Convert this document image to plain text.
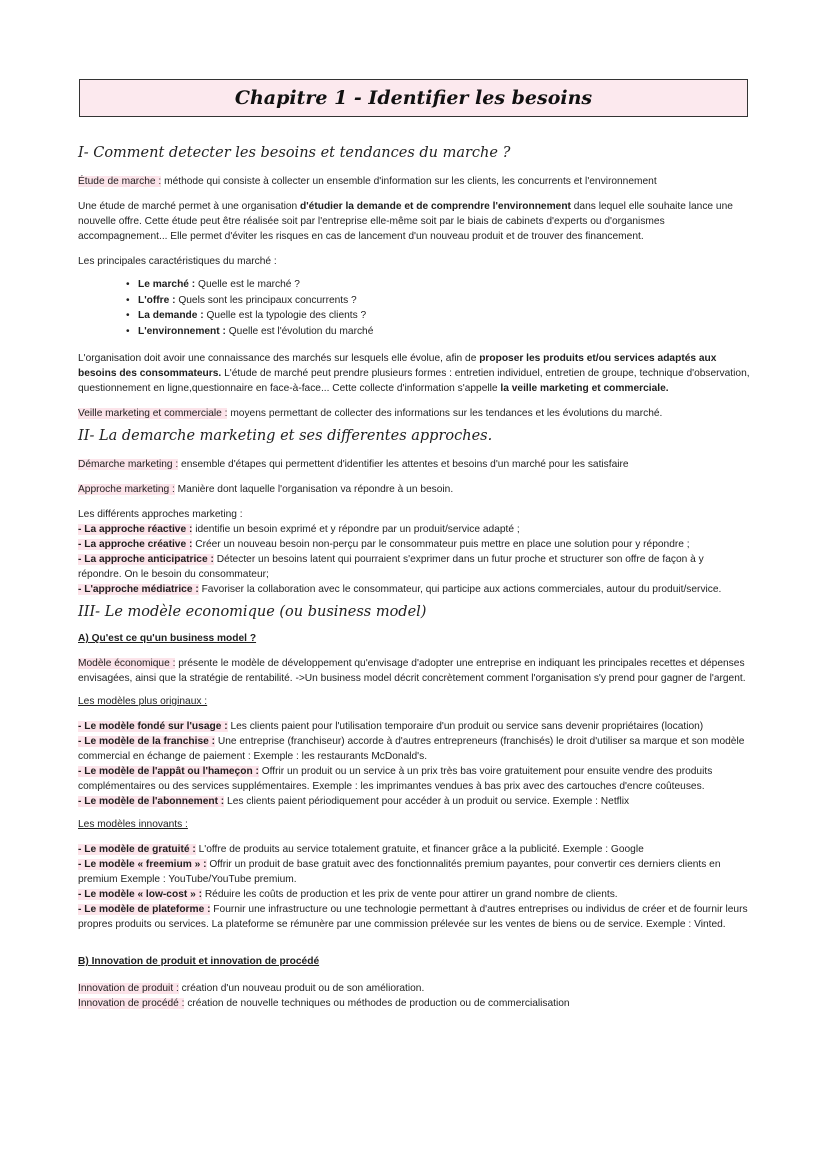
Chapitre 1 - Identifier les besoins
I- Comment detecter les besoins et tendances du marche ?

Étude de marche : méthode qui consiste à collecter un ensemble d'information sur les clients, les concurrents et l'environnement

Une étude de marché permet à une organisation d'étudier la demande et de comprendre l'environnement dans lequel elle souhaite lance une nouvelle offre. Cette étude peut être réalisée soit par l'entreprise elle-même soit par le biais de cabinets d'experts ou d'organismes accompagnement... Elle permet d'éviter les risques en cas de lancement d'un nouveau produit et de trouver des financement.

Les principales caractéristiques du marché :

• Le marché : Quelle est le marché ?
• L'offre : Quels sont les principaux concurrents ?
• La demande : Quelle est la typologie des clients ?
• L'environnement : Quelle est l'évolution du marché

L'organisation doit avoir une connaissance des marchés sur lesquels elle évolue, afin de proposer les produits et/ou services adaptés aux besoins des consommateurs. L'étude de marché peut prendre plusieurs formes : entretien individuel, entretien de groupe, technique d'observation, questionnement en ligne,questionnaire en face-à-face... Cette collecte d'information s'appelle la veille marketing et commerciale.

Veille marketing et commerciale : moyens permettant de collecter des informations sur les tendances et les évolutions du marché.

II- La demarche marketing et ses differentes approches.

Démarche marketing : ensemble d'étapes qui permettent d'identifier les attentes et besoins d'un marché pour les satisfaire

Approche marketing : Manière dont laquelle l'organisation va répondre à un besoin.

Les différents approches marketing :

- La approche réactive : identifie un besoin exprimé et y répondre par un produit/service adapté ;

- La approche créative : Créer un nouveau besoin non-perçu par le consommateur puis mettre en place une solution pour y répondre ;

- La approche anticipatrice : Détecter un besoins latent qui pourraient s'exprimer dans un futur proche et structurer son offre de façon à y répondre. On le besoin du consommateur;

- L'approche médiatrice : Favoriser la collaboration avec le consommateur, qui participe aux actions commerciales, autour du produit/service.

III- Le modèle economique (ou business model)

A) Qu'est ce qu'un business model ?

Modèle économique : présente le modèle de développement qu'envisage d'adopter une entreprise en indiquant les principales recettes et dépenses envisagées, ainsi que la stratégie de rentabilité. ->Un business model décrit concrètement comment l'organisation s'y prend pour gagner de l'argent.

Les modèles plus originaux :

- Le modèle fondé sur l'usage : Les clients paient pour l'utilisation temporaire d'un produit ou service sans devenir propriétaires (location)

- Le modèle de la franchise : Une entreprise (franchiseur) accorde à d'autres entrepreneurs (franchisés) le droit d'utiliser sa marque et son modèle commercial en échange de paiement : Exemple : les restaurants McDonald's.

- Le modèle de l'appât ou l'hameçon : Offrir un produit ou un service à un prix très bas voire gratuitement pour ensuite vendre des produits complémentaires ou des services supplémentaires. Exemple : les imprimantes vendues à bas prix avec des cartouches d'encre coûteuses.

- Le modèle de l'abonnement : Les clients paient périodiquement pour accéder à un produit ou service. Exemple : Netflix

Les modèles innovants :

- Le modèle de gratuité : L'offre de produits au service totalement gratuite, et financer grâce a la publicité. Exemple : Google

- Le modèle « freemium » : Offrir un produit de base gratuit avec des fonctionnalités premium payantes, pour convertir ces derniers clients en premium Exemple : YouTube/YouTube premium.

- Le modèle « low-cost » : Réduire les coûts de production et les prix de vente pour attirer un grand nombre de clients.

- Le modèle de plateforme : Fournir une infrastructure ou une technologie permettant à d'autres entreprises ou individus de créer et de fournir leurs propres produits ou services. La plateforme se rémunère par une commission prélevée sur les ventes de biens ou de service. Exemple : Vinted.

B) Innovation de produit et innovation de procédé

Innovation de produit : création d'un nouveau produit ou de son amélioration.

Innovation de procédé : création de nouvelle techniques ou méthodes de production ou de commercialisation
